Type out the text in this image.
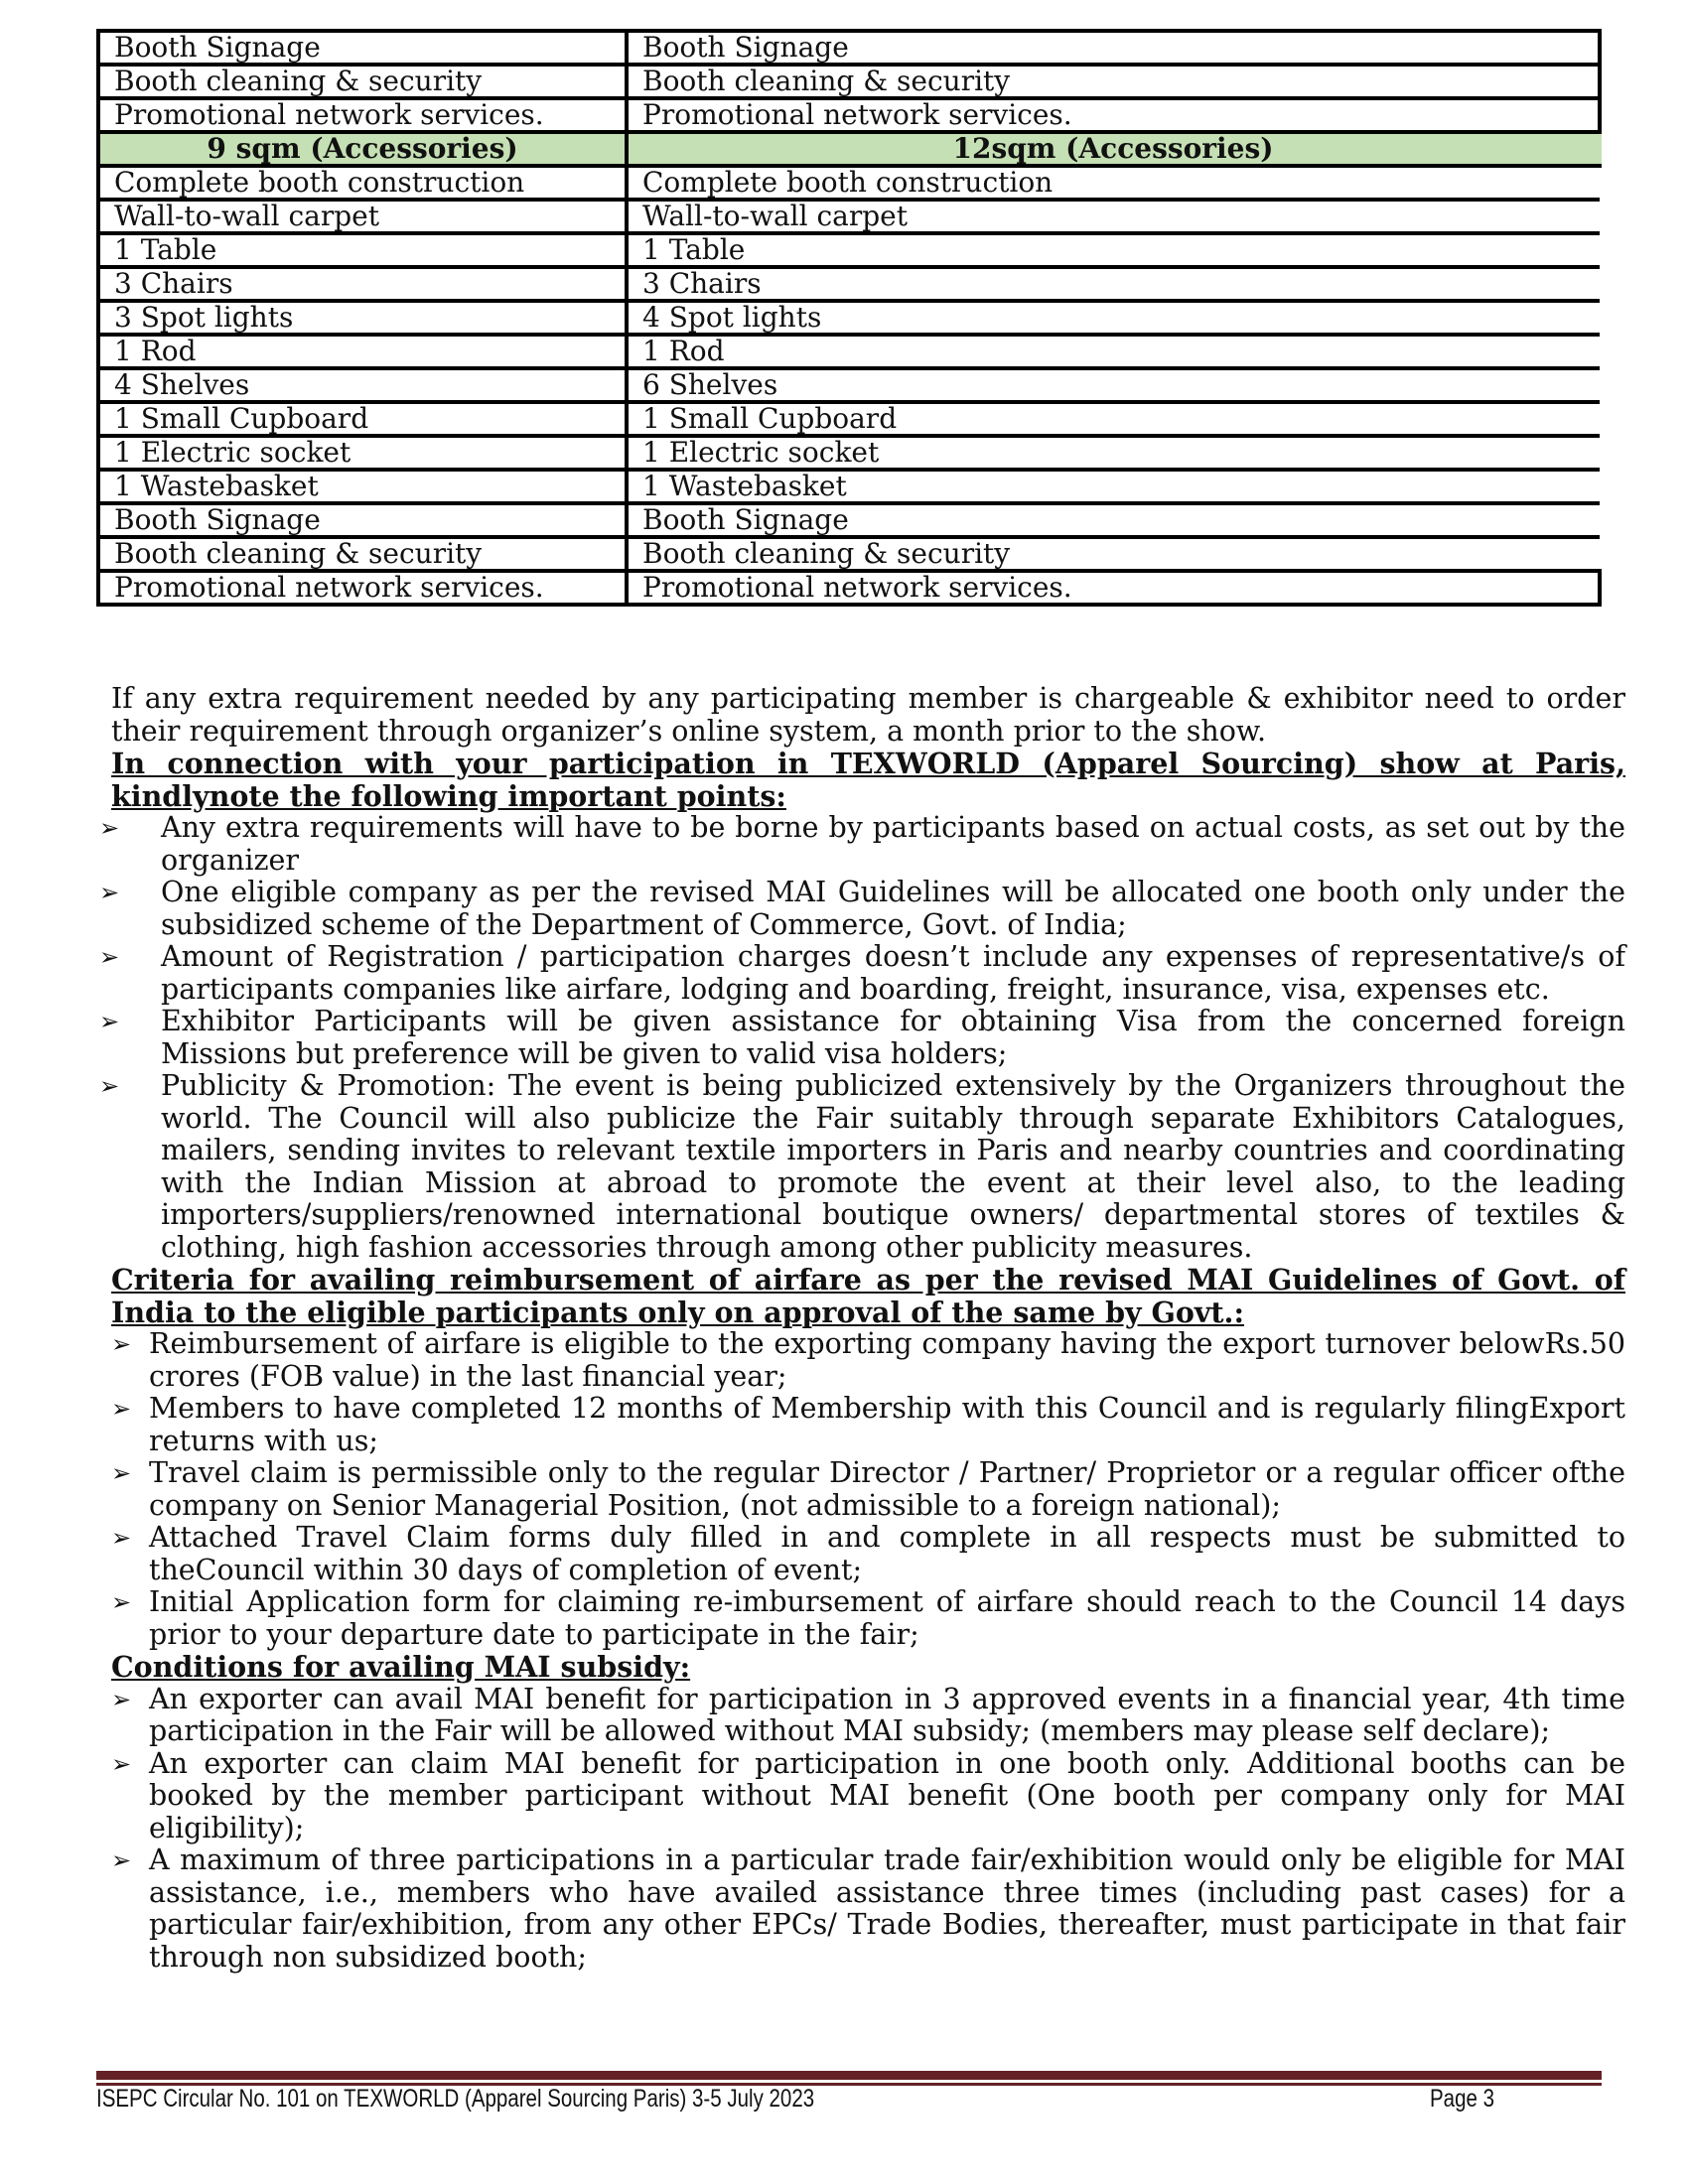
Booth Signage	Booth Signage
Booth cleaning & security	Booth cleaning & security
Promotional network services.	Promotional network services.
9 sqm (Accessories)	12sqm (Accessories)
Complete booth construction	Complete booth construction
Wall-to-wall carpet	Wall-to-wall carpet
1 Table	1 Table
3 Chairs	3 Chairs
3 Spot lights	4 Spot lights
1 Rod	1 Rod
4 Shelves	6 Shelves
1 Small Cupboard	1 Small Cupboard
1 Electric socket	1 Electric socket
1 Wastebasket	1 Wastebasket
Booth Signage	Booth Signage
Booth cleaning & security	Booth cleaning & security
Promotional network services.	Promotional network services.

If any extra requirement needed by any participating member is chargeable & exhibitor need to order their requirement through organizer’s online system, a month prior to the show.

In connection with your participation in TEXWORLD (Apparel Sourcing) show at Paris, kindlynote the following important points:

➢ Any extra requirements will have to be borne by participants based on actual costs, as set out by the organizer
➢ One eligible company as per the revised MAI Guidelines will be allocated one booth only under the subsidized scheme of the Department of Commerce, Govt. of India;
➢ Amount of Registration / participation charges doesn’t include any expenses of representative/s of participants companies like airfare, lodging and boarding, freight, insurance, visa, expenses etc.
➢ Exhibitor Participants will be given assistance for obtaining Visa from the concerned foreign Missions but preference will be given to valid visa holders;
➢ Publicity & Promotion: The event is being publicized extensively by the Organizers throughout the world. The Council will also publicize the Fair suitably through separate Exhibitors Catalogues, mailers, sending invites to relevant textile importers in Paris and nearby countries and coordinating with the Indian Mission at abroad to promote the event at their level also, to the leading importers/suppliers/renowned international boutique owners/ departmental stores of textiles & clothing, high fashion accessories through among other publicity measures.

Criteria for availing reimbursement of airfare as per the revised MAI Guidelines of Govt. of India to the eligible participants only on approval of the same by Govt.:

➢ Reimbursement of airfare is eligible to the exporting company having the export turnover belowRs.50 crores (FOB value) in the last financial year;
➢ Members to have completed 12 months of Membership with this Council and is regularly filingExport returns with us;
➢ Travel claim is permissible only to the regular Director / Partner/ Proprietor or a regular officer ofthe company on Senior Managerial Position, (not admissible to a foreign national);
➢ Attached Travel Claim forms duly filled in and complete in all respects must be submitted to theCouncil within 30 days of completion of event;
➢ Initial Application form for claiming re-imbursement of airfare should reach to the Council 14 days prior to your departure date to participate in the fair;

Conditions for availing MAI subsidy:

➢ An exporter can avail MAI benefit for participation in 3 approved events in a financial year, 4th time participation in the Fair will be allowed without MAI subsidy; (members may please self declare);
➢ An exporter can claim MAI benefit for participation in one booth only. Additional booths can be booked by the member participant without MAI benefit (One booth per company only for MAI eligibility);
➢ A maximum of three participations in a particular trade fair/exhibition would only be eligible for MAI assistance, i.e., members who have availed assistance three times (including past cases) for a particular fair/exhibition, from any other EPCs/ Trade Bodies, thereafter, must participate in that fair through non subsidized booth;
ISEPC Circular No. 101 on TEXWORLD (Apparel Sourcing Paris) 3-5 July 2023	Page 3
